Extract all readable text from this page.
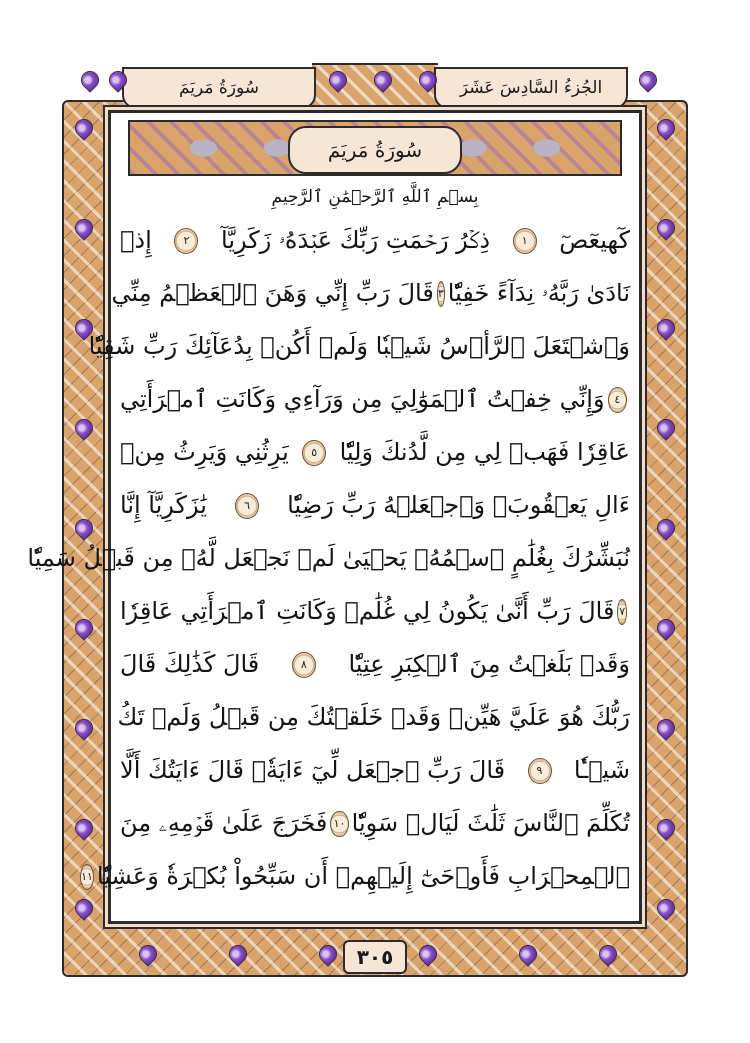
الجُزءُ السَّادِسَ عَشَرَ
سُورَةُ مَريَمَ
سُورَةُ مَريَمَ
٣٠٥
بِسۡمِ ٱللَّهِ ٱلرَّحۡمَٰنِ ٱلرَّحِيمِ
كٓهيعٓصٓ
١
ذِكۡرُ رَحۡمَتِ رَبِّكَ عَبۡدَهُۥ زَكَرِيَّآ
٢
إِذۡ
نَادَىٰ رَبَّهُۥ نِدَآءً خَفِيّٗا
٣
قَالَ رَبِّ إِنِّي وَهَنَ ٱلۡعَظۡمُ مِنِّي
وَٱشۡتَعَلَ ٱلرَّأۡسُ شَيۡبٗا وَلَمۡ أَكُنۢ بِدُعَآئِكَ رَبِّ شَقِيّٗا
٤
وَإِنِّي خِفۡتُ ٱلۡمَوَٰلِيَ مِن وَرَآءِي وَكَانَتِ ٱمۡرَأَتِي
عَاقِرٗا فَهَبۡ لِي مِن لَّدُنكَ وَلِيّٗا
٥
يَرِثُنِي وَيَرِثُ مِنۡ
ءَالِ يَعۡقُوبَۖ وَٱجۡعَلۡهُ رَبِّ رَضِيّٗا
٦
يَٰزَكَرِيَّآ إِنَّا
نُبَشِّرُكَ بِغُلَٰمٍ ٱسۡمُهُۥ يَحۡيَىٰ لَمۡ نَجۡعَل لَّهُۥ مِن قَبۡلُ سَمِيّٗا
٧
قَالَ رَبِّ أَنَّىٰ يَكُونُ لِي غُلَٰمٞ وَكَانَتِ ٱمۡرَأَتِي عَاقِرٗا
وَقَدۡ بَلَغۡتُ مِنَ ٱلۡكِبَرِ عِتِيّٗا
٨
قَالَ كَذَٰلِكَ قَالَ
رَبُّكَ هُوَ عَلَيَّ هَيِّنٞ وَقَدۡ خَلَقۡتُكَ مِن قَبۡلُ وَلَمۡ تَكُ
شَيۡـٔٗا
٩
قَالَ رَبِّ ٱجۡعَل لِّيٓ ءَايَةٗۖ قَالَ ءَايَتُكَ أَلَّا
تُكَلِّمَ ٱلنَّاسَ ثَلَٰثَ لَيَالٖ سَوِيّٗا
١٠
فَخَرَجَ عَلَىٰ قَوۡمِهِۦ مِنَ
ٱلۡمِحۡرَابِ فَأَوۡحَىٰٓ إِلَيۡهِمۡ أَن سَبِّحُواْ بُكۡرَةٗ وَعَشِيّٗا
١١
